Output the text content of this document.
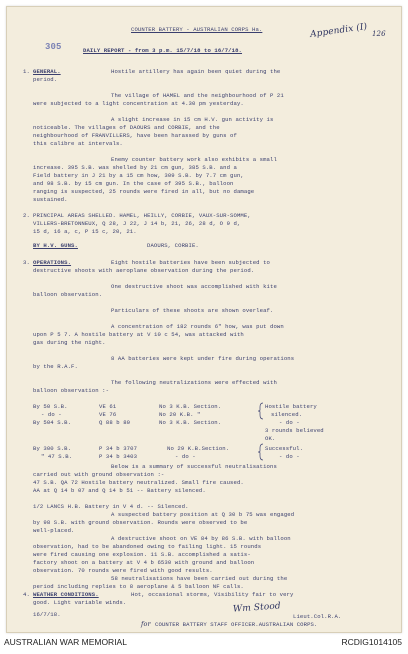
COUNTER BATTERY - AUSTRALIAN CORPS Ha.	Appendix (I) 126
305	DAILY REPORT - from 3 p.m. 15/7/18 to 16/7/18.
1. GENERAL.	Hostile artillery has again been quiet during the
period.
The village of HAMEL and the neighbourhood of P 21
were subjected to a light concentration at 4.30 pm yesterday.
A slight increase in 15 cm H.V. gun activity is
noticeable. The villages of DAOURS and CORBIE, and the
neighbourhood of FRANVILLERS, have been harassed by guns of
this calibre at intervals.
Enemy counter battery work also exhibits a small
increase. 395 S.B. was shelled by 21 cm gun, 385 S.B. and a
Field battery in J 21 by a 15 cm how, 309 S.B. by 7.7 cm gun,
and 98 S.B. by 15 cm gun. In the case of 395 S.B., balloon
ranging is suspected, 25 rounds were fired in all, but no damage
sustained.
2. PRINCIPAL AREAS SHELLED. HAMEL, HEILLY, CORBIE, VAUX-SUR-SOMME,
VILLERS-BRETONNEUX, Q 28, J 22, J 14 b, 21, 26, 28 d, O 9 d,
15 d, 16 a, c, P 15 c, 20, 21.
BY H.V. GUNS.	DAOURS, CORBIE.
3. OPERATIONS.	Eight hostile batteries have been subjected to
destructive shoots with aeroplane observation during the period.
One destructive shoot was accomplished with kite
balloon observation.
Particulars of these shoots are shown overleaf.
A concentration of 182 rounds 6" how, was put down
upon P 5 7. A hostile battery at V 10 c 54, was attacked with
gas during the night.
8 AA batteries were kept under fire during operations
by the R.A.F.
The following neutralizations were effected with
balloon observation :-
By 50 S.B.	VE 61	No 3 K.B. Section.	Hostile battery
- do -	VE 76	No 20 K.B. "	silenced.
By 504 S.B.	Q 88 b 80	No 3 K.B. Section.	- do -
3 rounds believed
OK.
By 300 S.B.	P 34 b 3707	No 29 K.B.Section.	Successful.
" 47 S.B.	P 34 b 3403	- do -	- do -
Below is a summary of successful neutralisations
carried out with ground observation :-
47 S.B. QA 72 Hostile battery neutralized. Small fire caused.
AA at Q 14 b 07 and Q 14 b 51 -- Battery silenced.
1/2 LANCS H.B. Battery in V 4 d. -- Silenced.
A suspected battery position at Q 30 b 75 was engaged
by 98 S.B. with ground observation. Rounds were observed to be
well-placed.
A destructive shoot on VE 84 by 86 S.B. with balloon
observation, had to be abandoned owing to failing light. 15 rounds
were fired causing one explosion. 11 S.B. accomplished a satis-
factory shoot on a battery at V 4 b 6530 with ground and balloon
observation. 70 rounds were fired with good results.
58 neutralisations have been carried out during the
period including replies to 8 aeroplane & 5 balloon NF calls.
4. WEATHER CONDITIONS.	Hot, occasional storms, Visibility fair to very
good. Light variable winds.
16/7/18.	Wm Stood
Lieut.Col.R.A.
for COUNTER BATTERY STAFF OFFICER.AUSTRALIAN CORPS.
AUSTRALIAN WAR MEMORIAL	RCDIG1014105
